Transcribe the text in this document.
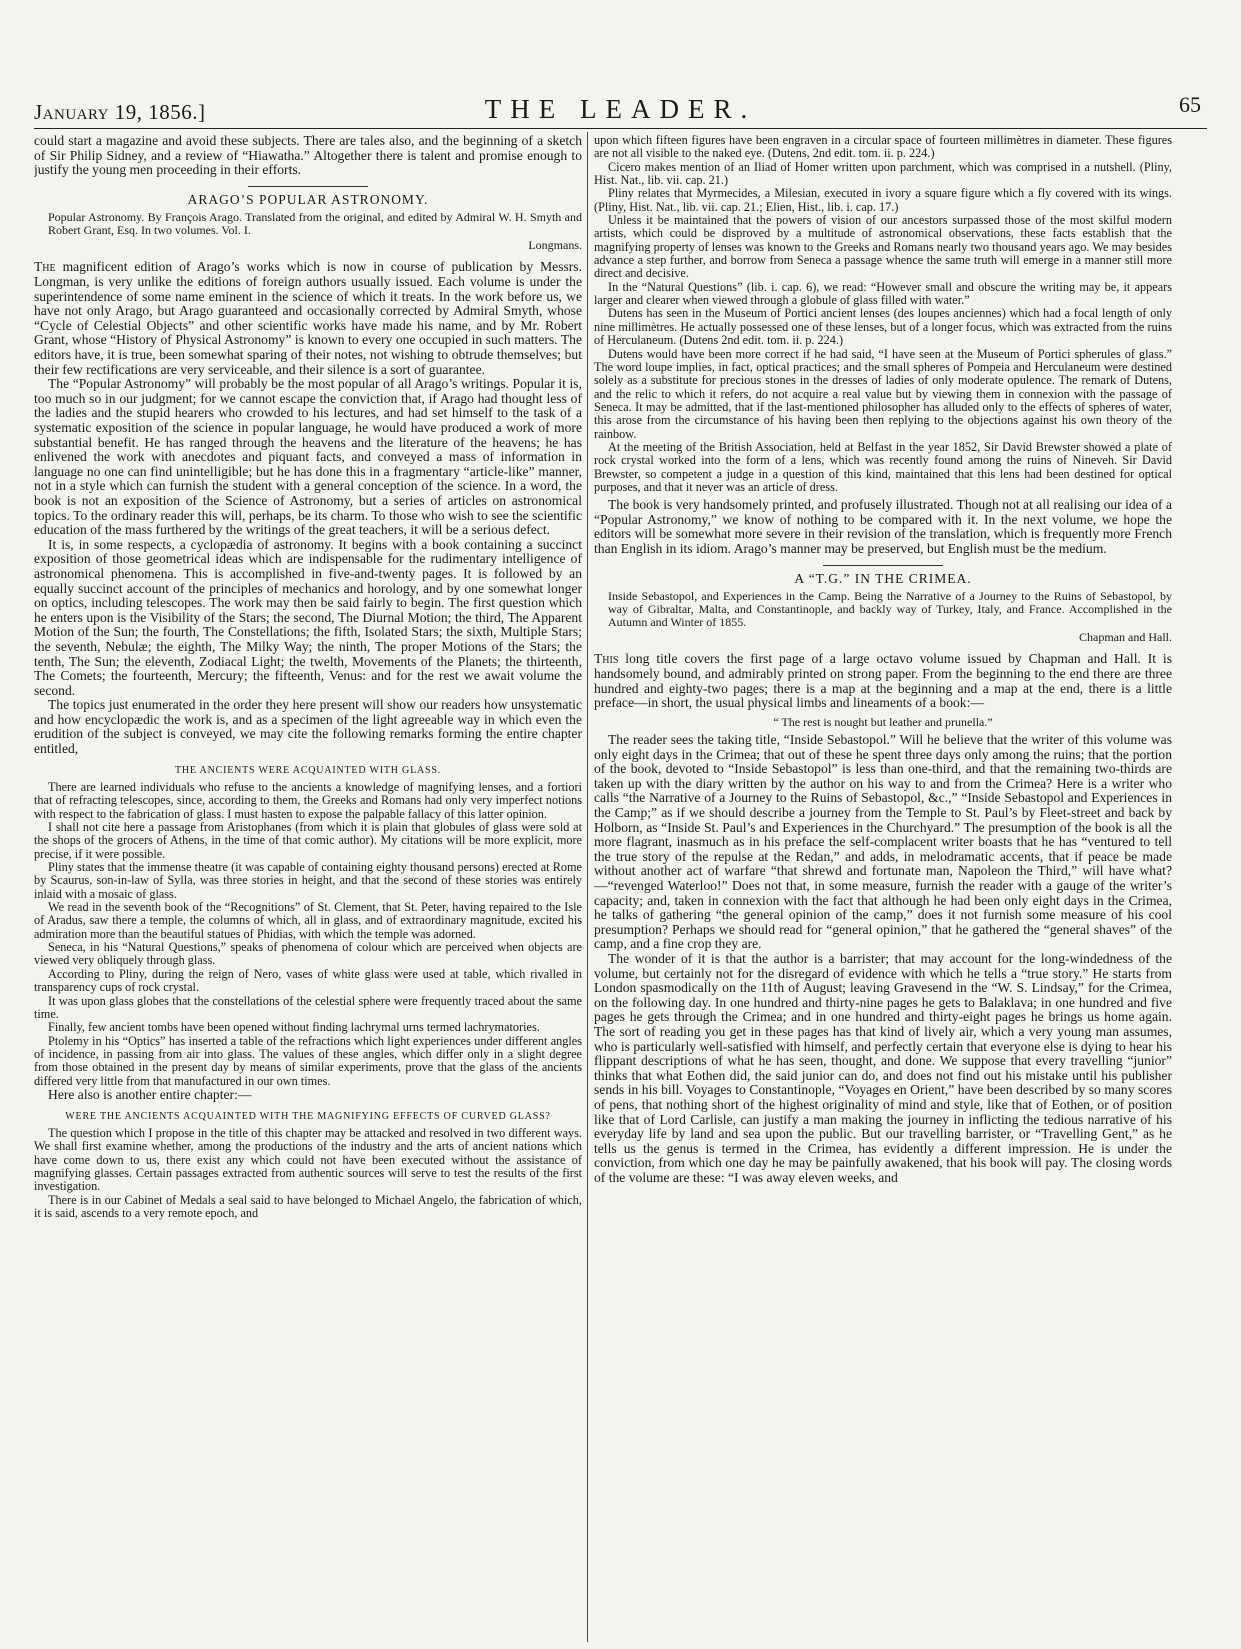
January 19, 1856.]	THE LEADER.	65

could start a magazine and avoid these subjects. There are tales also, and the beginning of a sketch of Sir Philip Sidney, and a review of “Hiawatha.” Altogether there is talent and promise enough to justify the young men proceeding in their efforts.

ARAGO’S POPULAR ASTRONOMY.

Popular Astronomy. By François Arago. Translated from the original, and edited by Admiral W. H. Smyth and Robert Grant, Esq. In two volumes. Vol. I.

Longmans.

The magnificent edition of Arago’s works which is now in course of publication by Messrs. Longman, is very unlike the editions of foreign authors usually issued. Each volume is under the superintendence of some name eminent in the science of which it treats. In the work before us, we have not only Arago, but Arago guaranteed and occasionally corrected by Admiral Smyth, whose “Cycle of Celestial Objects” and other scientific works have made his name, and by Mr. Robert Grant, whose “History of Physical Astronomy” is known to every one occupied in such matters. The editors have, it is true, been somewhat sparing of their notes, not wishing to obtrude themselves; but their few rectifications are very serviceable, and their silence is a sort of guarantee.

The “Popular Astronomy” will probably be the most popular of all Arago’s writings. Popular it is, too much so in our judgment; for we cannot escape the conviction that, if Arago had thought less of the ladies and the stupid hearers who crowded to his lectures, and had set himself to the task of a systematic exposition of the science in popular language, he would have produced a work of more substantial benefit. He has ranged through the heavens and the literature of the heavens; he has enlivened the work with anecdotes and piquant facts, and conveyed a mass of information in language no one can find unintelligible; but he has done this in a fragmentary “article-like” manner, not in a style which can furnish the student with a general conception of the science. In a word, the book is not an exposition of the Science of Astronomy, but a series of articles on astronomical topics. To the ordinary reader this will, perhaps, be its charm. To those who wish to see the scientific education of the mass furthered by the writings of the great teachers, it will be a serious defect.

It is, in some respects, a cyclopædia of astronomy. It begins with a book containing a succinct exposition of those geometrical ideas which are indispensable for the rudimentary intelligence of astronomical phenomena. This is accomplished in five-and-twenty pages. It is followed by an equally succinct account of the principles of mechanics and horology, and by one somewhat longer on optics, including telescopes. The work may then be said fairly to begin. The first question which he enters upon is the Visibility of the Stars; the second, The Diurnal Motion; the third, The Apparent Motion of the Sun; the fourth, The Constellations; the fifth, Isolated Stars; the sixth, Multiple Stars; the seventh, Nebulæ; the eighth, The Milky Way; the ninth, The proper Motions of the Stars; the tenth, The Sun; the eleventh, Zodiacal Light; the twelth, Movements of the Planets; the thirteenth, The Comets; the fourteenth, Mercury; the fifteenth, Venus: and for the rest we await volume the second.

The topics just enumerated in the order they here present will show our readers how unsystematic and how encyclopædic the work is, and as a specimen of the light agreeable way in which even the erudition of the subject is conveyed, we may cite the following remarks forming the entire chapter entitled,

THE ANCIENTS WERE ACQUAINTED WITH GLASS.

There are learned individuals who refuse to the ancients a knowledge of magnifying lenses, and a fortiori that of refracting telescopes, since, according to them, the Greeks and Romans had only very imperfect notions with respect to the fabrication of glass. I must hasten to expose the palpable fallacy of this latter opinion.

I shall not cite here a passage from Aristophanes (from which it is plain that globules of glass were sold at the shops of the grocers of Athens, in the time of that comic author). My citations will be more explicit, more precise, if it were possible.

Pliny states that the immense theatre (it was capable of containing eighty thousand persons) erected at Rome by Scaurus, son-in-law of Sylla, was three stories in height, and that the second of these stories was entirely inlaid with a mosaic of glass.

We read in the seventh book of the “Recognitions” of St. Clement, that St. Peter, having repaired to the Isle of Aradus, saw there a temple, the columns of which, all in glass, and of extraordinary magnitude, excited his admiration more than the beautiful statues of Phidias, with which the temple was adorned.

Seneca, in his “Natural Questions,” speaks of phenomena of colour which are perceived when objects are viewed very obliquely through glass.

According to Pliny, during the reign of Nero, vases of white glass were used at table, which rivalled in transparency cups of rock crystal.

It was upon glass globes that the constellations of the celestial sphere were frequently traced about the same time.

Finally, few ancient tombs have been opened without finding lachrymal urns termed lachrymatories.

Ptolemy in his “Optics” has inserted a table of the refractions which light experiences under different angles of incidence, in passing from air into glass. The values of these angles, which differ only in a slight degree from those obtained in the present day by means of similar experiments, prove that the glass of the ancients differed very little from that manufactured in our own times.

Here also is another entire chapter:—

WERE THE ANCIENTS ACQUAINTED WITH THE MAGNIFYING EFFECTS OF CURVED GLASS?

The question which I propose in the title of this chapter may be attacked and resolved in two different ways. We shall first examine whether, among the productions of the industry and the arts of ancient nations which have come down to us, there exist any which could not have been executed without the assistance of magnifying glasses. Certain passages extracted from authentic sources will serve to test the results of the first investigation.

There is in our Cabinet of Medals a seal said to have belonged to Michael Angelo, the fabrication of which, it is said, ascends to a very remote epoch, and

upon which fifteen figures have been engraven in a circular space of fourteen millimètres in diameter. These figures are not all visible to the naked eye. (Dutens, 2nd edit. tom. ii. p. 224.)

Cicero makes mention of an Iliad of Homer written upon parchment, which was comprised in a nutshell. (Pliny, Hist. Nat., lib. vii. cap. 21.)

Pliny relates that Myrmecides, a Milesian, executed in ivory a square figure which a fly covered with its wings. (Pliny, Hist. Nat., lib. vii. cap. 21.; Elien, Hist., lib. i. cap. 17.)

Unless it be maintained that the powers of vision of our ancestors surpassed those of the most skilful modern artists, which could be disproved by a multitude of astronomical observations, these facts establish that the magnifying property of lenses was known to the Greeks and Romans nearly two thousand years ago. We may besides advance a step further, and borrow from Seneca a passage whence the same truth will emerge in a manner still more direct and decisive.

In the “Natural Questions” (lib. i. cap. 6), we read: “However small and obscure the writing may be, it appears larger and clearer when viewed through a globule of glass filled with water.”

Dutens has seen in the Museum of Portici ancient lenses (des loupes anciennes) which had a focal length of only nine millimètres. He actually possessed one of these lenses, but of a longer focus, which was extracted from the ruins of Herculaneum. (Dutens 2nd edit. tom. ii. p. 224.)

Dutens would have been more correct if he had said, “I have seen at the Museum of Portici spherules of glass.” The word loupe implies, in fact, optical practices; and the small spheres of Pompeia and Herculaneum were destined solely as a substitute for precious stones in the dresses of ladies of only moderate opulence. The remark of Dutens, and the relic to which it refers, do not acquire a real value but by viewing them in connexion with the passage of Seneca. It may be admitted, that if the last-mentioned philosopher has alluded only to the effects of spheres of water, this arose from the circumstance of his having been then replying to the objections against his own theory of the rainbow.

At the meeting of the British Association, held at Belfast in the year 1852, Sir David Brewster showed a plate of rock crystal worked into the form of a lens, which was recently found among the ruins of Nineveh. Sir David Brewster, so competent a judge in a question of this kind, maintained that this lens had been destined for optical purposes, and that it never was an article of dress.

The book is very handsomely printed, and profusely illustrated. Though not at all realising our idea of a “Popular Astronomy,” we know of nothing to be compared with it. In the next volume, we hope the editors will be somewhat more severe in their revision of the translation, which is frequently more French than English in its idiom. Arago’s manner may be preserved, but English must be the medium.

A “T.G.” IN THE CRIMEA.

Inside Sebastopol, and Experiences in the Camp. Being the Narrative of a Journey to the Ruins of Sebastopol, by way of Gibraltar, Malta, and Constantinople, and backly way of Turkey, Italy, and France. Accomplished in the Autumn and Winter of 1855.

Chapman and Hall.

This long title covers the first page of a large octavo volume issued by Chapman and Hall. It is handsomely bound, and admirably printed on strong paper. From the beginning to the end there are three hundred and eighty-two pages; there is a map at the beginning and a map at the end, there is a little preface—in short, the usual physical limbs and lineaments of a book:—

“ The rest is nought but leather and prunella.”

The reader sees the taking title, “Inside Sebastopol.” Will he believe that the writer of this volume was only eight days in the Crimea; that out of these he spent three days only among the ruins; that the portion of the book, devoted to “Inside Sebastopol” is less than one-third, and that the remaining two-thirds are taken up with the diary written by the author on his way to and from the Crimea? Here is a writer who calls “the Narrative of a Journey to the Ruins of Sebastopol, &c.,” “Inside Sebastopol and Experiences in the Camp;” as if we should describe a journey from the Temple to St. Paul’s by Fleet-street and back by Holborn, as “Inside St. Paul’s and Experiences in the Churchyard.” The presumption of the book is all the more flagrant, inasmuch as in his preface the self-complacent writer boasts that he has “ventured to tell the true story of the repulse at the Redan,” and adds, in melodramatic accents, that if peace be made without another act of warfare “that shrewd and fortunate man, Napoleon the Third,” will have what?—“revenged Waterloo!” Does not that, in some measure, furnish the reader with a gauge of the writer’s capacity; and, taken in connexion with the fact that although he had been only eight days in the Crimea, he talks of gathering “the general opinion of the camp,” does it not furnish some measure of his cool presumption? Perhaps we should read for “general opinion,” that he gathered the “general shaves” of the camp, and a fine crop they are.

The wonder of it is that the author is a barrister; that may account for the long-windedness of the volume, but certainly not for the disregard of evidence with which he tells a “true story.” He starts from London spasmodically on the 11th of August; leaving Gravesend in the “W. S. Lindsay,” for the Crimea, on the following day. In one hundred and thirty-nine pages he gets to Balaklava; in one hundred and five pages he gets through the Crimea; and in one hundred and thirty-eight pages he brings us home again. The sort of reading you get in these pages has that kind of lively air, which a very young man assumes, who is particularly well-satisfied with himself, and perfectly certain that everyone else is dying to hear his flippant descriptions of what he has seen, thought, and done. We suppose that every travelling “junior” thinks that what Eothen did, the said junior can do, and does not find out his mistake until his publisher sends in his bill. Voyages to Constantinople, “Voyages en Orient,” have been described by so many scores of pens, that nothing short of the highest originality of mind and style, like that of Eothen, or of position like that of Lord Carlisle, can justify a man making the journey in inflicting the tedious narrative of his everyday life by land and sea upon the public. But our travelling barrister, or “Travelling Gent,” as he tells us the genus is termed in the Crimea, has evidently a different impression. He is under the conviction, from which one day he may be painfully awakened, that his book will pay. The closing words of the volume are these: “I was away eleven weeks, and
